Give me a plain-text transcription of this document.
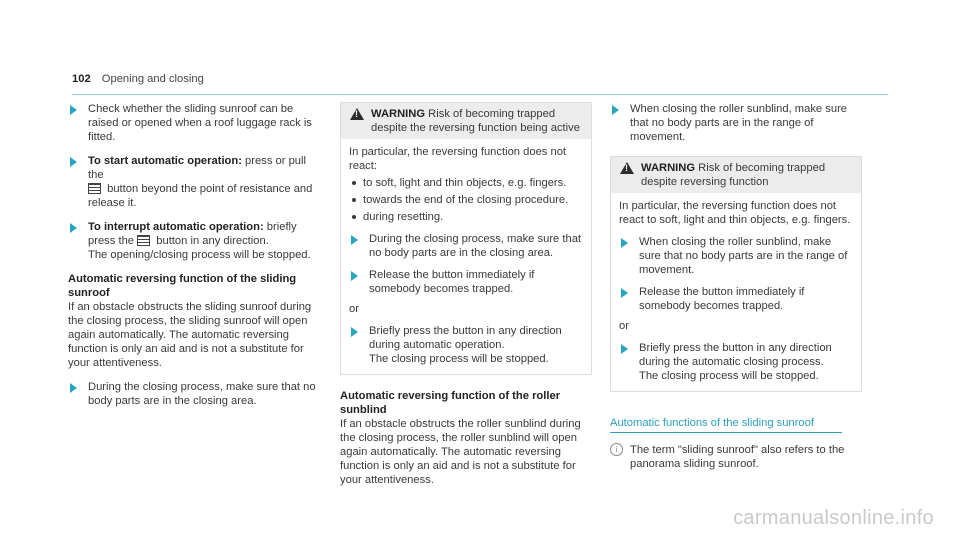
102 Opening and closing

Check whether the sliding sunroof can be raised or opened when a roof luggage rack is fitted.

To start automatic operation: press or pull the
button beyond the point of resistance and release it.

To interrupt automatic operation: briefly press the  button in any direction.
The opening/closing process will be stopped.

Automatic reversing function of the sliding sunroof

If an obstacle obstructs the sliding sunroof during the closing process, the sliding sunroof will open again automatically. The automatic reversing function is only an aid and is not a substitute for your attentiveness.

During the closing process, make sure that no body parts are in the closing area.

!
WARNING Risk of becoming trapped despite the reversing function being active

In particular, the reversing function does not react:

to soft, light and thin objects, e.g. fingers.
towards the end of the closing procedure.
during resetting.

During the closing process, make sure that no body parts are in the closing area.

Release the button immediately if somebody becomes trapped.

or

Briefly press the button in any direction during automatic operation.
The closing process will be stopped.

Automatic reversing function of the roller sunblind

If an obstacle obstructs the roller sunblind during the closing process, the roller sunblind will open again automatically. The automatic reversing function is only an aid and is not a substitute for your attentiveness.

When closing the roller sunblind, make sure that no body parts are in the range of movement.

!
WARNING Risk of becoming trapped despite reversing function

In particular, the reversing function does not react to soft, light and thin objects, e.g. fingers.

When closing the roller sunblind, make sure that no body parts are in the range of movement.

Release the button immediately if somebody becomes trapped.

or

Briefly press the button in any direction during the automatic closing process.
The closing process will be stopped.

Automatic functions of the sliding sunroof
i	The term "sliding sunroof" also refers to the panorama sliding sunroof.

carmanualsonline.info
